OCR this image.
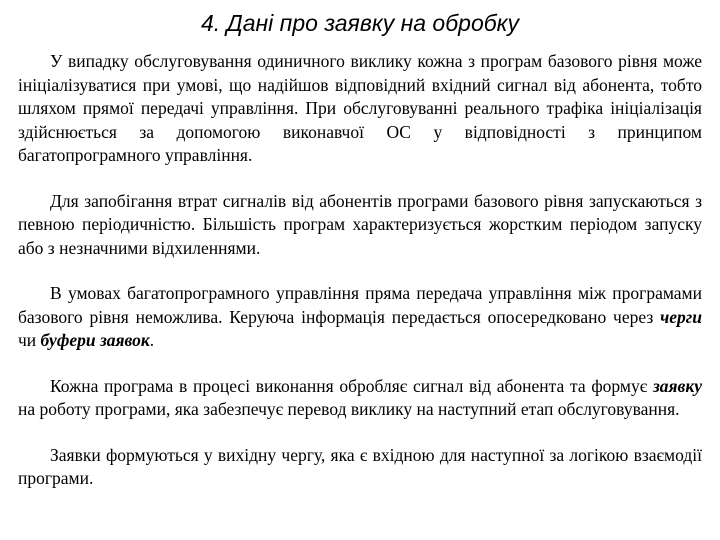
4. Дані про заявку на обробку

У випадку обслуговування одиничного виклику кожна з програм базового рівня може ініціалізуватися при умові, що надійшов відповідний вхідний сигнал від абонента, тобто шляхом прямої передачі управління. При обслуговуванні реального трафіка ініціалізація здійснюється за допомогою виконавчої ОС у відповідності з принципом багатопрограмного управління.

Для запобігання втрат сигналів від абонентів програми базового рівня запускаються з певною періодичністю. Більшість програм характеризується жорстким періодом запуску або з незначними відхиленнями.

В умовах багатопрограмного управління пряма передача управління між програмами базового рівня неможлива. Керуюча інформація передається опосередковано через черги чи буфери заявок.

Кожна програма в процесі виконання обробляє сигнал від абонента та формує заявку на роботу програми, яка забезпечує перевод виклику на наступний етап обслуговування.

Заявки формуються у вихідну чергу, яка є вхідною для наступної за логікою взаємодії програми.
